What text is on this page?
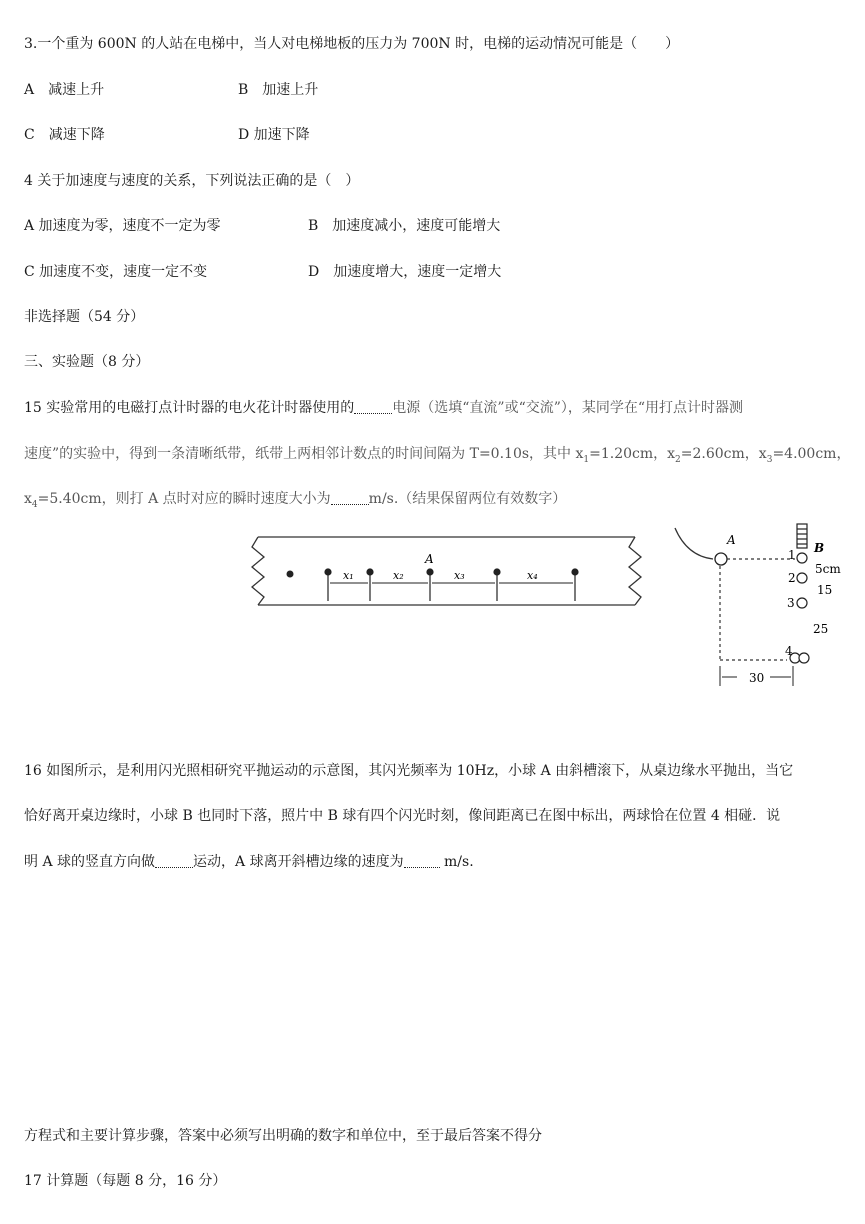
3.一个重为 600N 的人站在电梯中，当人对电梯地板的压力为 700N 时，电梯的运动情况可能是（　　）
A　减速上升	B　加速上升
C　减速下降	D 加速下降
4 关于加速度与速度的关系，下列说法正确的是（　）
A 加速度为零，速度不一定为零	B　加速度减小，速度可能增大
C 加速度不变，速度一定不变	D　加速度增大，速度一定增大
非选择题（54 分）
三、实验题（8 分）
15 实验常用的电磁打点计时器的电火花计时器使用的	电源（选填“直流”或“交流”），某同学在“用打点计时器测
速度”的实验中，得到一条清晰纸带，纸带上两相邻计数点的时间间隔为 T=0.10s，其中 $x_1=1.20cm$，$x_2=2.60cm$，$x_3=4.00cm$，
$x_4=5.40cm$，则打 A 点时对应的瞬时速度大小为	m/s.（结果保留两位有效数字）
A
x₁	x₂	x₃	x₄
A
B
1
2
3
4
5cm
15
25
30
16 如图所示，是利用闪光照相研究平抛运动的示意图，其闪光频率为 10Hz，小球 A 由斜槽滚下，从桌边缘水平抛出，当它
恰好离开桌边缘时，小球 B 也同时下落，照片中 B 球有四个闪光时刻，像间距离已在图中标出，两球恰在位置 4 相碰．说
明 A 球的竖直方向做	运动，A 球离开斜槽边缘的速度为	m/s.
方程式和主要计算步骤，答案中必须写出明确的数字和单位中，至于最后答案不得分
17 计算题（每题 8 分，16 分）
